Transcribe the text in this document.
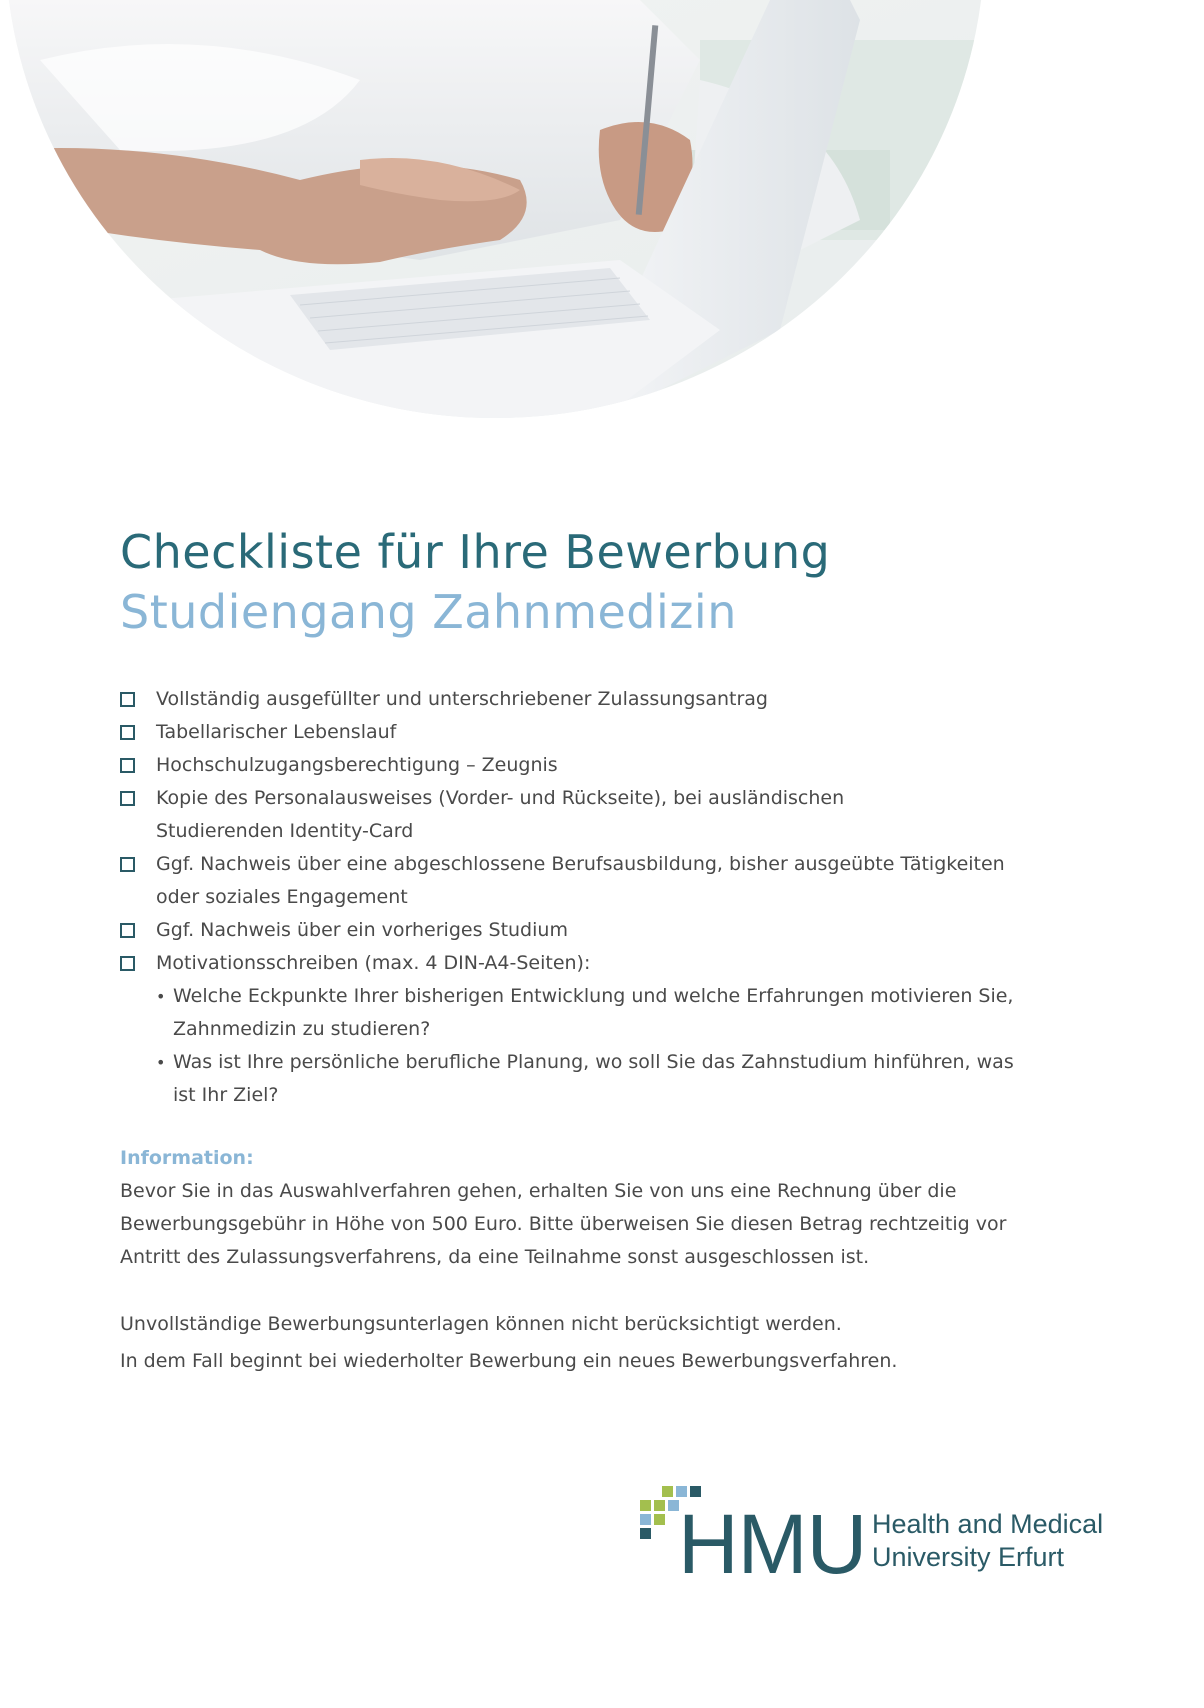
Checkliste für Ihre Bewerbung
Studiengang Zahnmedizin
Vollständig ausgefüllter und unterschriebener Zulassungsantrag
Tabellarischer Lebenslauf
Hochschulzugangsberechtigung – Zeugnis
Kopie des Personalausweises (Vorder- und Rückseite), bei ausländischen Studierenden Identity-Card
Ggf. Nachweis über eine abgeschlossene Berufsausbildung, bisher ausgeübte Tätigkeiten oder soziales Engagement
Ggf. Nachweis über ein vorheriges Studium
Motivationsschreiben (max. 4 DIN-A4-Seiten):
• Welche Eckpunkte Ihrer bisherigen Entwicklung und welche Erfahrungen motivieren Sie, Zahnmedizin zu studieren?
• Was ist Ihre persönliche berufliche Planung, wo soll Sie das Zahnstudium hinführen, was ist Ihr Ziel?

Information:

Bevor Sie in das Auswahlverfahren gehen, erhalten Sie von uns eine Rechnung über die Bewerbungsgebühr in Höhe von 500 Euro. Bitte überweisen Sie diesen Betrag rechtzeitig vor Antritt des Zulassungsverfahrens, da eine Teilnahme sonst ausgeschlossen ist.

Unvollständige Bewerbungsunterlagen können nicht berücksichtigt werden.

In dem Fall beginnt bei wiederholter Bewerbung ein neues Bewerbungsverfahren.

HMU Health and Medical
University Erfurt
